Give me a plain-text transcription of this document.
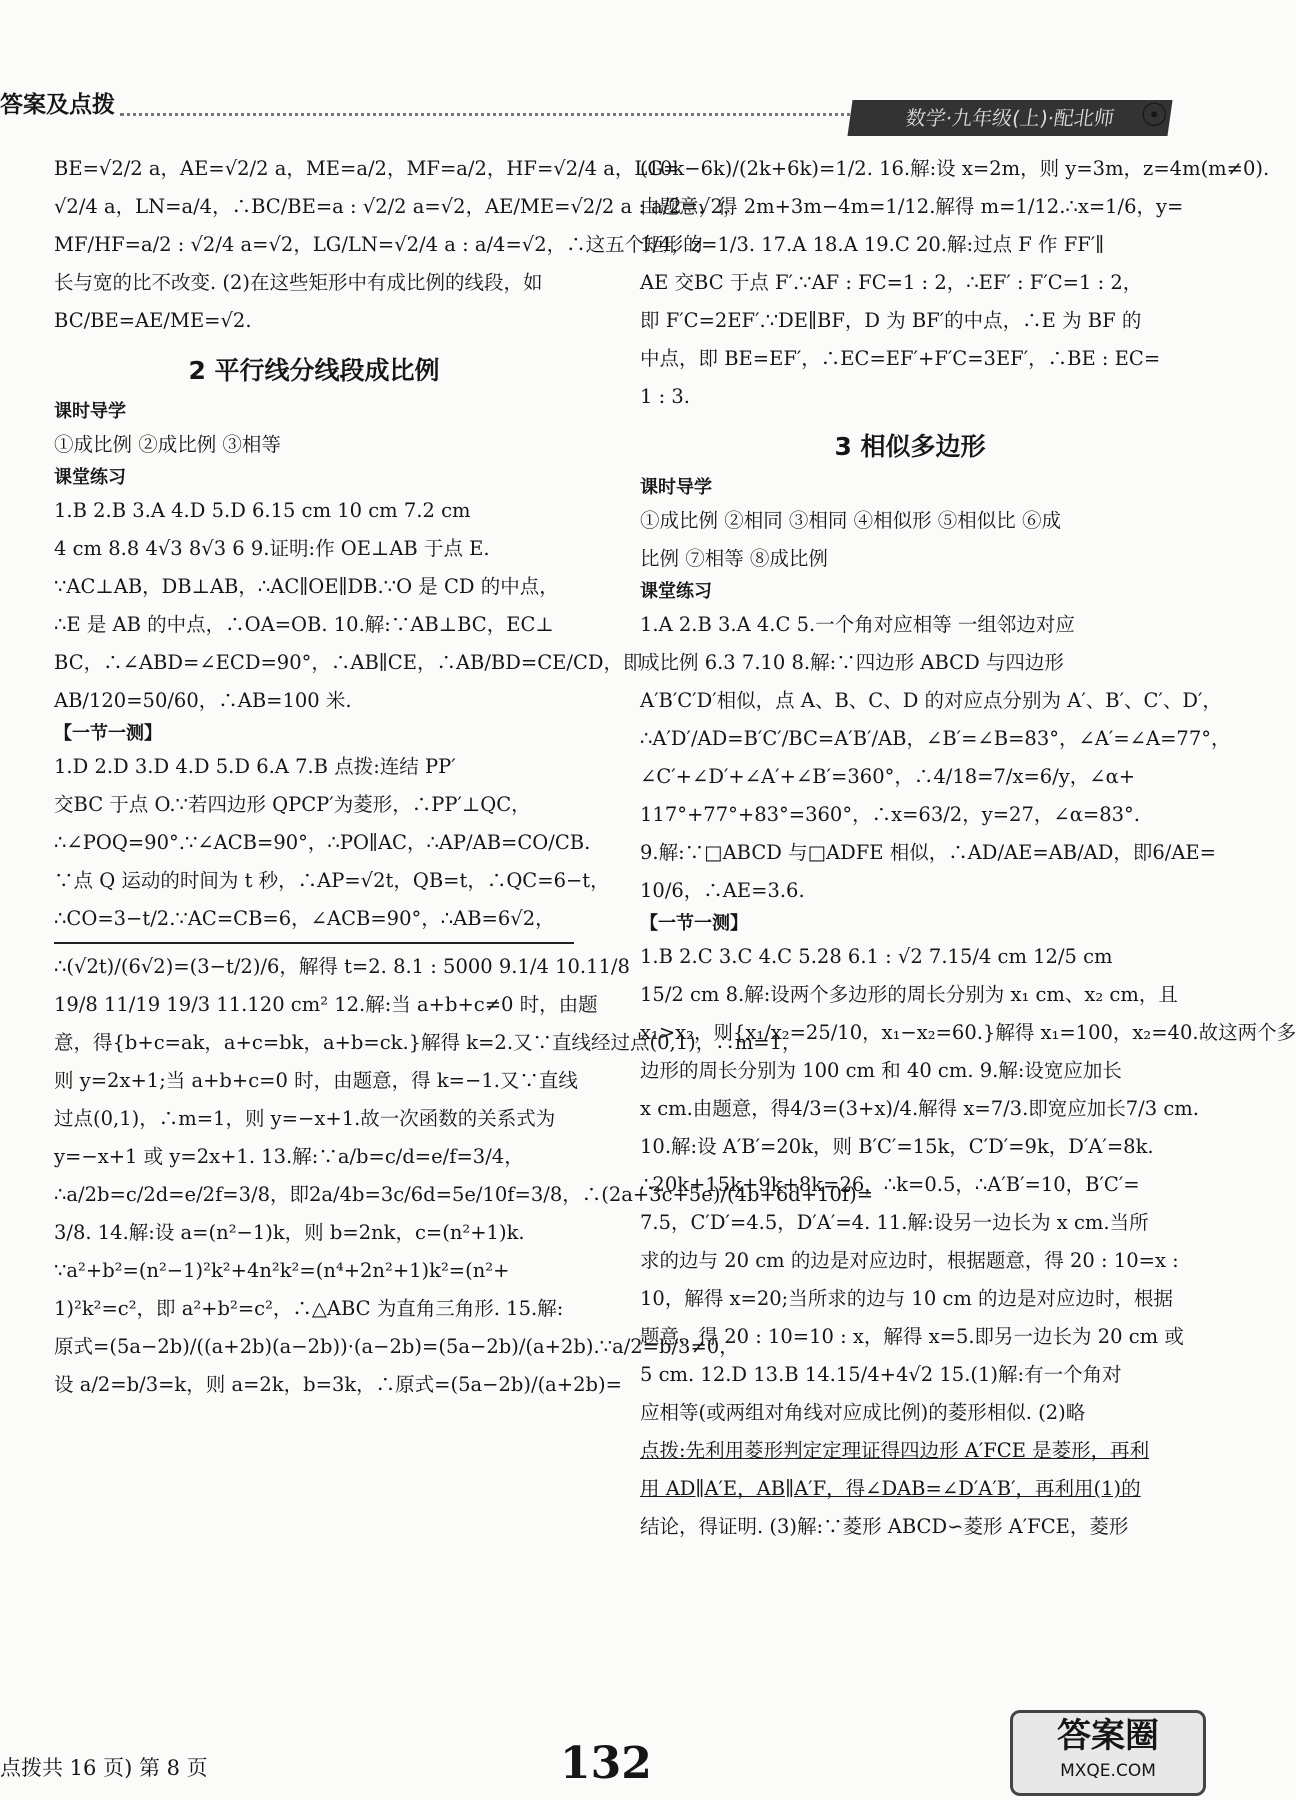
答案及点拨	数学·九年级(上)·配北师 ☉

BE=√2/2 a，AE=√2/2 a，ME=a/2，MF=a/2，HF=√2/4 a，LG=

√2/4 a，LN=a/4，∴BC/BE=a : √2/2 a=√2，AE/ME=√2/2 a : a/2=√2，

MF/HF=a/2 : √2/4 a=√2，LG/LN=√2/4 a : a/4=√2，∴这五个矩形的

长与宽的比不改变. (2)在这些矩形中有成比例的线段，如

BC/BE=AE/ME=√2.

2 平行线分线段成比例

课时导学

①成比例 ②成比例 ③相等

课堂练习

1.B 2.B 3.A 4.D 5.D 6.15 cm 10 cm 7.2 cm

4 cm 8.8 4√3 8√3 6 9.证明:作 OE⊥AB 于点 E.

∵AC⊥AB，DB⊥AB，∴AC∥OE∥DB.∵O 是 CD 的中点，

∴E 是 AB 的中点，∴OA=OB. 10.解:∵AB⊥BC，EC⊥

BC，∴∠ABD=∠ECD=90°，∴AB∥CE，∴AB/BD=CE/CD，即

AB/120=50/60，∴AB=100 米.

【一节一测】

1.D 2.D 3.D 4.D 5.D 6.A 7.B 点拨:连结 PP′

交BC 于点 O.∵若四边形 QPCP′为菱形，∴PP′⊥QC，

∴∠POQ=90°.∵∠ACB=90°，∴PO∥AC，∴AP/AB=CO/CB.

∵点 Q 运动的时间为 t 秒，∴AP=√2t，QB=t，∴QC=6−t，

∴CO=3−t/2.∵AC=CB=6，∠ACB=90°，∴AB=6√2，

∴(√2t)/(6√2)=(3−t/2)/6，解得 t=2. 8.1 : 5000 9.1/4 10.11/8

19/8 11/19 19/3 11.120 cm² 12.解:当 a+b+c≠0 时，由题

意，得{b+c=ak，a+c=bk，a+b=ck.}解得 k=2.又∵直线经过点(0,1)，∴m=1，

则 y=2x+1;当 a+b+c=0 时，由题意，得 k=−1.又∵直线

过点(0,1)，∴m=1，则 y=−x+1.故一次函数的关系式为

y=−x+1 或 y=2x+1. 13.解:∵a/b=c/d=e/f=3/4，

∴a/2b=c/2d=e/2f=3/8，即2a/4b=3c/6d=5e/10f=3/8，∴(2a+3c+5e)/(4b+6d+10f)=

3/8. 14.解:设 a=(n²−1)k，则 b=2nk，c=(n²+1)k.

∵a²+b²=(n²−1)²k²+4n²k²=(n⁴+2n²+1)k²=(n²+

1)²k²=c²，即 a²+b²=c²，∴△ABC 为直角三角形. 15.解:

原式=(5a−2b)/((a+2b)(a−2b))·(a−2b)=(5a−2b)/(a+2b).∵a/2=b/3≠0，

设 a/2=b/3=k，则 a=2k，b=3k，∴原式=(5a−2b)/(a+2b)=

(10k−6k)/(2k+6k)=1/2. 16.解:设 x=2m，则 y=3m，z=4m(m≠0).

由题意，得 2m+3m−4m=1/12.解得 m=1/12.∴x=1/6，y=

1/4，z=1/3. 17.A 18.A 19.C 20.解:过点 F 作 FF′∥

AE 交BC 于点 F′.∵AF : FC=1 : 2，∴EF′ : F′C=1 : 2，

即 F′C=2EF′.∵DE∥BF，D 为 BF′的中点，∴E 为 BF 的

中点，即 BE=EF′，∴EC=EF′+F′C=3EF′，∴BE : EC=

1 : 3.

3 相似多边形

课时导学

①成比例 ②相同 ③相同 ④相似形 ⑤相似比 ⑥成

比例 ⑦相等 ⑧成比例

课堂练习

1.A 2.B 3.A 4.C 5.一个角对应相等 一组邻边对应

成比例 6.3 7.10 8.解:∵四边形 ABCD 与四边形

A′B′C′D′相似，点 A、B、C、D 的对应点分别为 A′、B′、C′、D′，

∴A′D′/AD=B′C′/BC=A′B′/AB，∠B′=∠B=83°，∠A′=∠A=77°，

∠C′+∠D′+∠A′+∠B′=360°，∴4/18=7/x=6/y，∠α+

117°+77°+83°=360°，∴x=63/2，y=27，∠α=83°.

9.解:∵□ABCD 与□ADFE 相似，∴AD/AE=AB/AD，即6/AE=

10/6，∴AE=3.6.

【一节一测】

1.B 2.C 3.C 4.C 5.28 6.1 : √2 7.15/4 cm 12/5 cm

15/2 cm 8.解:设两个多边形的周长分别为 x₁ cm、x₂ cm，且

x₁>x₂，则{x₁/x₂=25/10，x₁−x₂=60.}解得 x₁=100，x₂=40.故这两个多

边形的周长分别为 100 cm 和 40 cm. 9.解:设宽应加长

x cm.由题意，得4/3=(3+x)/4.解得 x=7/3.即宽应加长7/3 cm.

10.解:设 A′B′=20k，则 B′C′=15k，C′D′=9k，D′A′=8k.

∴20k+15k+9k+8k=26，∴k=0.5，∴A′B′=10，B′C′=

7.5，C′D′=4.5，D′A′=4. 11.解:设另一边长为 x cm.当所

求的边与 20 cm 的边是对应边时，根据题意，得 20 : 10=x :

10，解得 x=20;当所求的边与 10 cm 的边是对应边时，根据

题意，得 20 : 10=10 : x，解得 x=5.即另一边长为 20 cm 或

5 cm. 12.D 13.B 14.15/4+4√2 15.(1)解:有一个角对

应相等(或两组对角线对应成比例)的菱形相似. (2)略

点拨:先利用菱形判定定理证得四边形 A′FCE 是菱形，再利

用 AD∥A′E，AB∥A′F，得∠DAB=∠D′A′B′，再利用(1)的

结论，得证明. (3)解:∵菱形 ABCD∽菱形 A′FCE，菱形

点拨共 16 页) 第 8 页	132
答案圈
MXQE.COM
